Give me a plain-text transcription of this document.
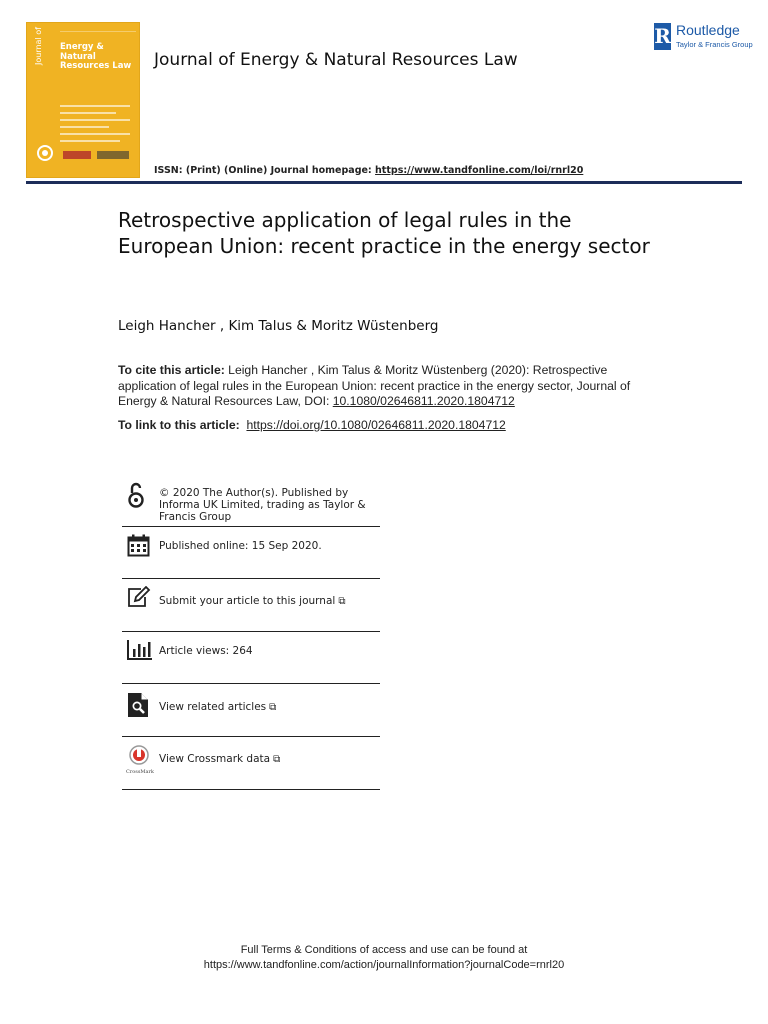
Journal of	Energy & Natural Resources Law	Journal of Energy & Natural Resources Law
R Routledge
Taylor & Francis Group
ISSN: (Print) (Online) Journal homepage: https://www.tandfonline.com/loi/rnrl20
Retrospective application of legal rules in the European Union: recent practice in the energy sector
Leigh Hancher , Kim Talus & Moritz Wüstenberg
To cite this article: Leigh Hancher , Kim Talus & Moritz Wüstenberg (2020): Retrospective application of legal rules in the European Union: recent practice in the energy sector, Journal of Energy & Natural Resources Law, DOI: 10.1080/02646811.2020.1804712
To link to this article: https://doi.org/10.1080/02646811.2020.1804712
© 2020 The Author(s). Published by Informa UK Limited, trading as Taylor & Francis Group
Published online: 15 Sep 2020.
Submit your article to this journal ⧉
Article views: 264
View related articles ⧉
CrossMark
View Crossmark data ⧉
Full Terms & Conditions of access and use can be found at
https://www.tandfonline.com/action/journalInformation?journalCode=rnrl20
